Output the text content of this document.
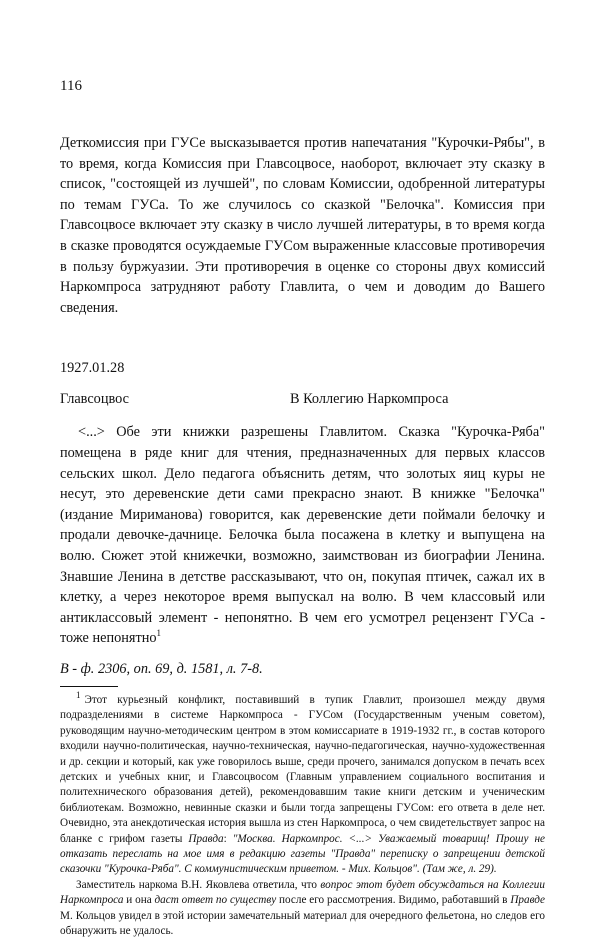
116

Деткомиссия при ГУСе высказывается против напечатания "Курочки-Рябы", в то время, когда Комиссия при Главсоцвосе, наоборот, включает эту сказку в список, "состоящей из лучшей", по словам Комиссии, одобренной литературы по темам ГУСа. То же случилось со сказкой "Белочка". Комиссия при Главсоцвосе включает эту сказку в число лучшей литературы, в то время когда в сказке проводятся осуждаемые ГУСом выраженные классовые противоречия в пользу буржуазии. Эти противоречия в оценке со стороны двух комиссий Наркомпроса затрудняют работу Главлита, о чем и доводим до Вашего сведения.

1927.01.28
Главсоцвос	В Коллегию Наркомпроса

<...> Обе эти книжки разрешены Главлитом. Сказка "Курочка-Ряба" помещена в ряде книг для чтения, предназначенных для первых классов сельских школ. Дело педагога объяснить детям, что золотых яиц куры не несут, это деревенские дети сами прекрасно знают. В книжке "Белочка" (издание Мириманова) говорится, как деревенские дети поймали белочку и продали девочке-дачнице. Белочка была посажена в клетку и выпущена на волю. Сюжет этой книжечки, возможно, заимствован из биографии Ленина. Знавшие Ленина в детстве рассказывают, что он, покупая птичек, сажал их в клетку, а через некоторое время выпускал на волю. В чем классовый или антиклассовый элемент - непонятно. В чем его усмотрел рецензент ГУСа - тоже непонятно$^1$

В - ф. 2306, оп. 69, д. 1581, л. 7-8.

$^1$ Этот курьезный конфликт, поставивший в тупик Главлит, произошел между двумя подразделениями в системе Наркомпроса - ГУСом (Государственным ученым советом), руководящим научно-методическим центром в этом комиссариате в 1919-1932 гг., в состав которого входили научно-политическая, научно-техническая, научно-педагогическая, научно-художественная и др. секции и который, как уже говорилось выше, среди прочего, занимался допуском в печать всех детских и учебных книг, и Главсоцвосом (Главным управлением социального воспитания и политехнического образования детей), рекомендовавшим такие книги детским и ученическим библиотекам. Возможно, невинные сказки и были тогда запрещены ГУСом: его ответа в деле нет. Очевидно, эта анекдотическая история вышла из стен Наркомпроса, о чем свидетельствует запрос на бланке с грифом газеты Правда: "Москва. Наркомпрос. <...> Уважаемый товарищ! Прошу не отказать переслать на мое имя в редакцию газеты "Правда" переписку о запрещении детской сказочки "Курочка-Ряба". С коммунистическим приветом. - Мих. Кольцов". (Там же, л. 29).

Заместитель наркома В.Н. Яковлева ответила, что вопрос этот будет обсуждаться на Коллегии Наркомпроса и она даст ответ по существу после его рассмотрения. Видимо, работавший в Правде М. Кольцов увидел в этой истории замечательный материал для очередного фельетона, но следов его обнаружить не удалось.
